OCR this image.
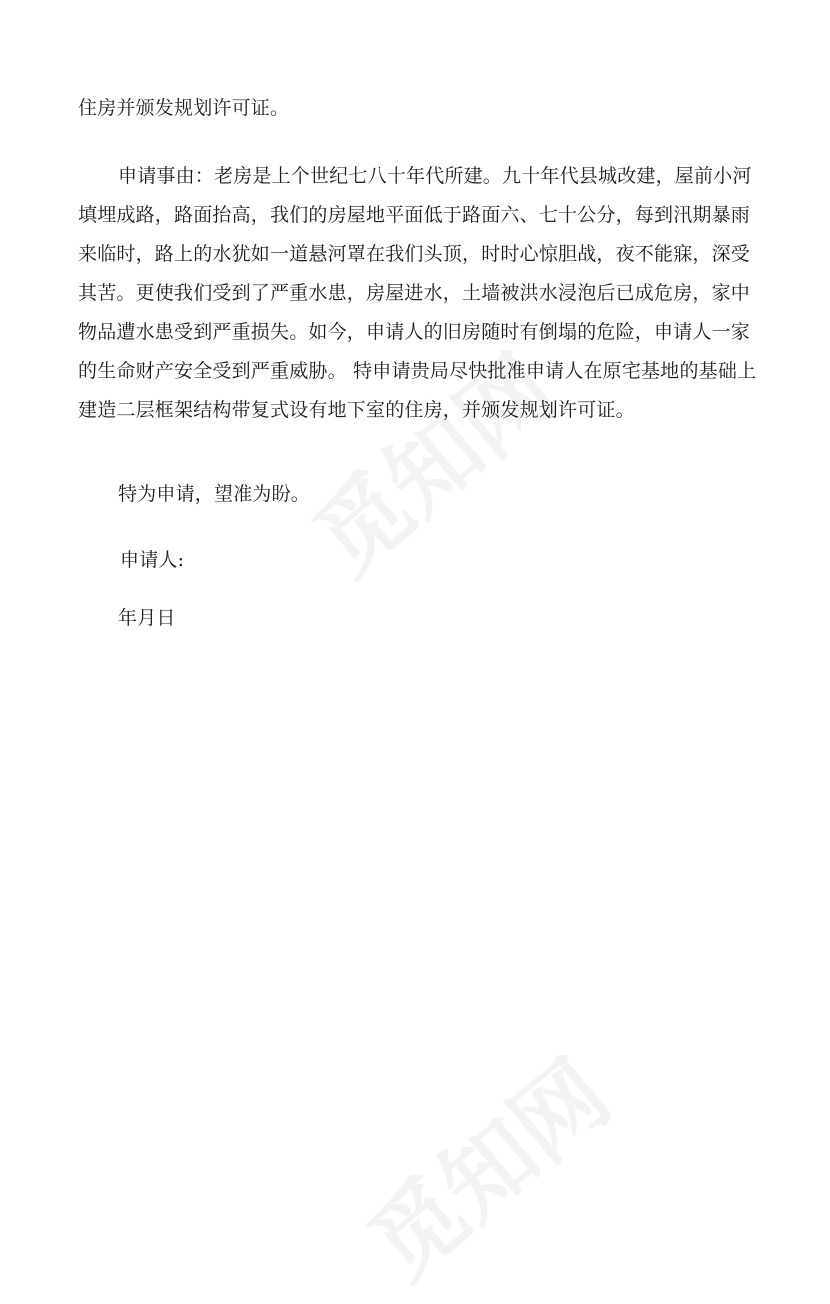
住房并颁发规划许可证。
申请事由：老房是上个世纪七八十年代所建。九十年代县城改建，屋前小河
填埋成路，路面抬高，我们的房屋地平面低于路面六、七十公分，每到汛期暴雨
来临时，路上的水犹如一道悬河罩在我们头顶，时时心惊胆战，夜不能寐，深受
其苦。更使我们受到了严重水患，房屋进水，土墙被洪水浸泡后已成危房，家中
物品遭水患受到严重损失。如今，申请人的旧房随时有倒塌的危险，申请人一家
的生命财产安全受到严重威胁。 特申请贵局尽快批准申请人在原宅基地的基础上
建造二层框架结构带复式设有地下室的住房，并颁发规划许可证。
特为申请，望准为盼。
申请人:
年月日
